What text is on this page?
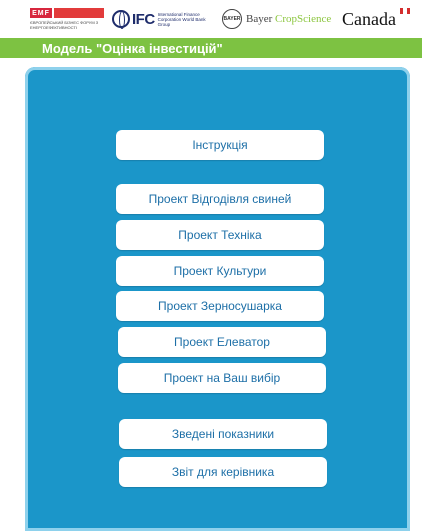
EMF
ЄВРОПЕЙСЬКИЙ БІЗНЕС ФОРУМ З ЕНЕРГОЕФЕКТИВНОСТІ	IFC International Finance Corporation World Bank Group
BAYER Bayer CropScience Canada
Модель "Оцінка інвестицій"
Інструкція
Проект Відгодівля свиней
Проект Техніка
Проект Культури
Проект Зерносушарка
Проект Елеватор
Проект на Ваш вибір
Зведені показники
Звіт для керівника
